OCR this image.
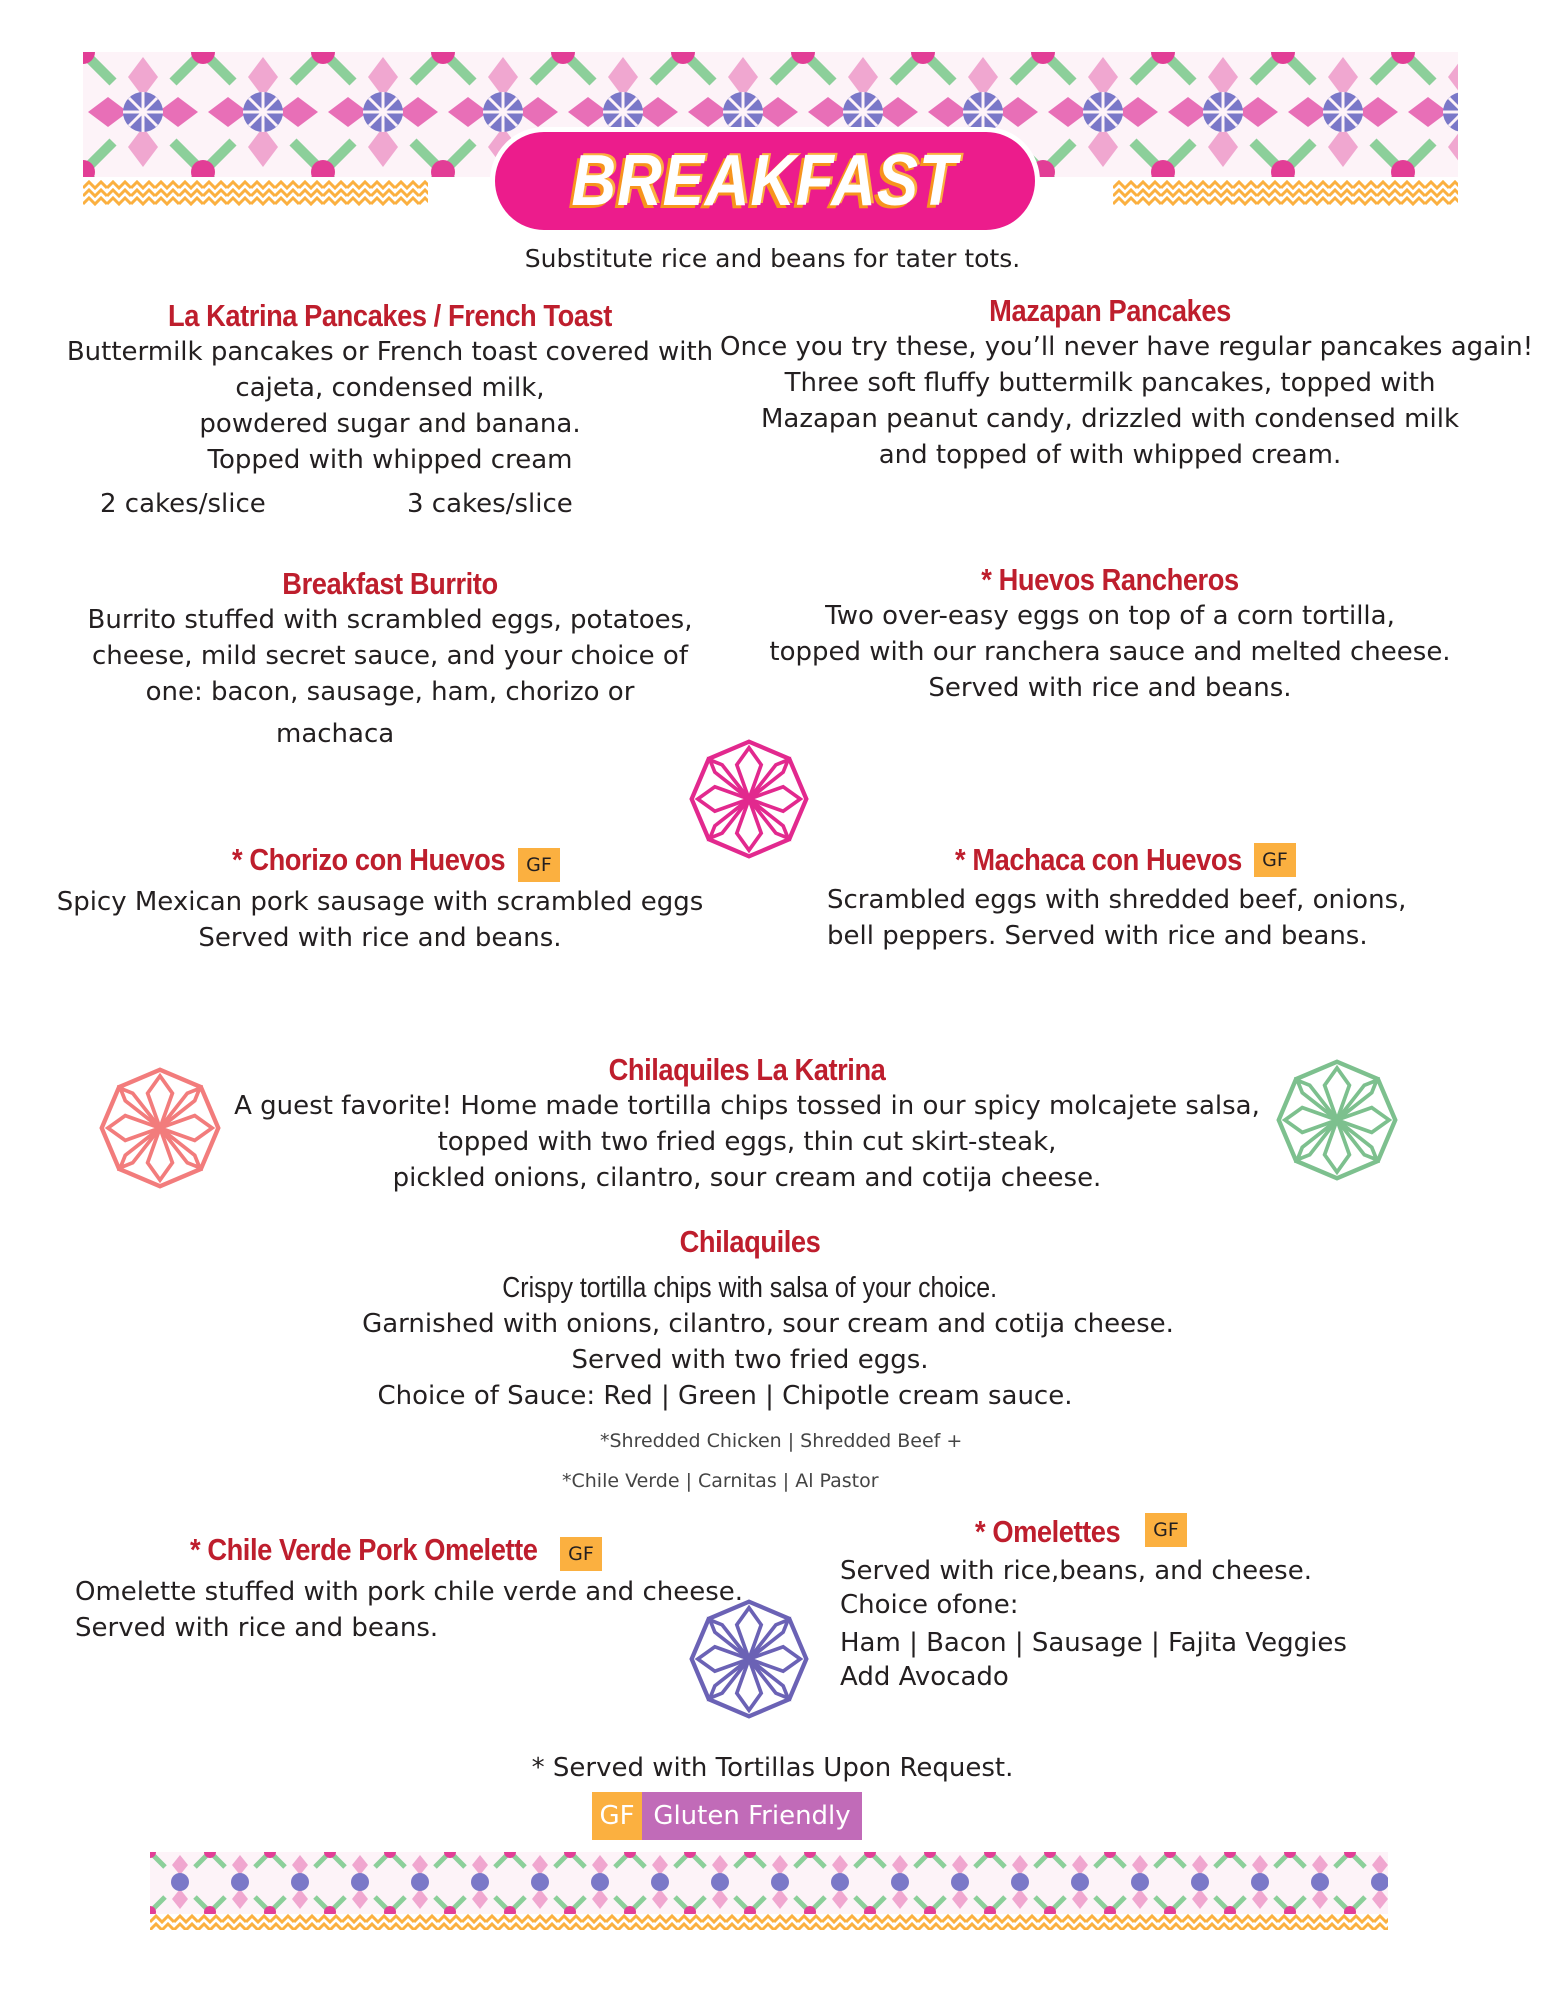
BREAKFAST
Substitute rice and beans for tater tots.
La Katrina Pancakes / French Toast
Buttermilk pancakes or French toast covered with
cajeta, condensed milk,
powdered sugar and banana.
Topped with whipped cream
2 cakes/slice	3 cakes/slice
Mazapan Pancakes
Once you try these, you’ll never have regular pancakes again!
Three soft fluffy buttermilk pancakes, topped with
Mazapan peanut candy, drizzled with condensed milk
and topped of with whipped cream.
Breakfast Burrito
Burrito stuffed with scrambled eggs, potatoes,
cheese, mild secret sauce, and your choice of
one: bacon, sausage, ham, chorizo or
machaca
* Huevos Rancheros
Two over-easy eggs on top of a corn tortilla,
topped with our ranchera sauce and melted cheese.
Served with rice and beans.
* Chorizo con Huevos	GF
Spicy Mexican pork sausage with scrambled eggs
Served with rice and beans.
* Machaca con Huevos	GF
Scrambled eggs with shredded beef, onions,
bell peppers. Served with rice and beans.
Chilaquiles La Katrina
A guest favorite! Home made tortilla chips tossed in our spicy molcajete salsa,
topped with two fried eggs, thin cut skirt-steak,
pickled onions, cilantro, sour cream and cotija cheese.
Chilaquiles
Crispy tortilla chips with salsa of your choice.
Garnished with onions, cilantro, sour cream and cotija cheese.
Served with two fried eggs.
Choice of Sauce: Red | Green | Chipotle cream sauce.
*Shredded Chicken | Shredded Beef +
*Chile Verde | Carnitas | Al Pastor
* Chile Verde Pork Omelette	GF
Omelette stuffed with pork chile verde and cheese.
Served with rice and beans.
* Omelettes	GF
Served with rice,beans, and cheese.
Choice ofone:
Ham | Bacon | Sausage | Fajita Veggies
Add Avocado
* Served with Tortillas Upon Request.
GF Gluten Friendly
